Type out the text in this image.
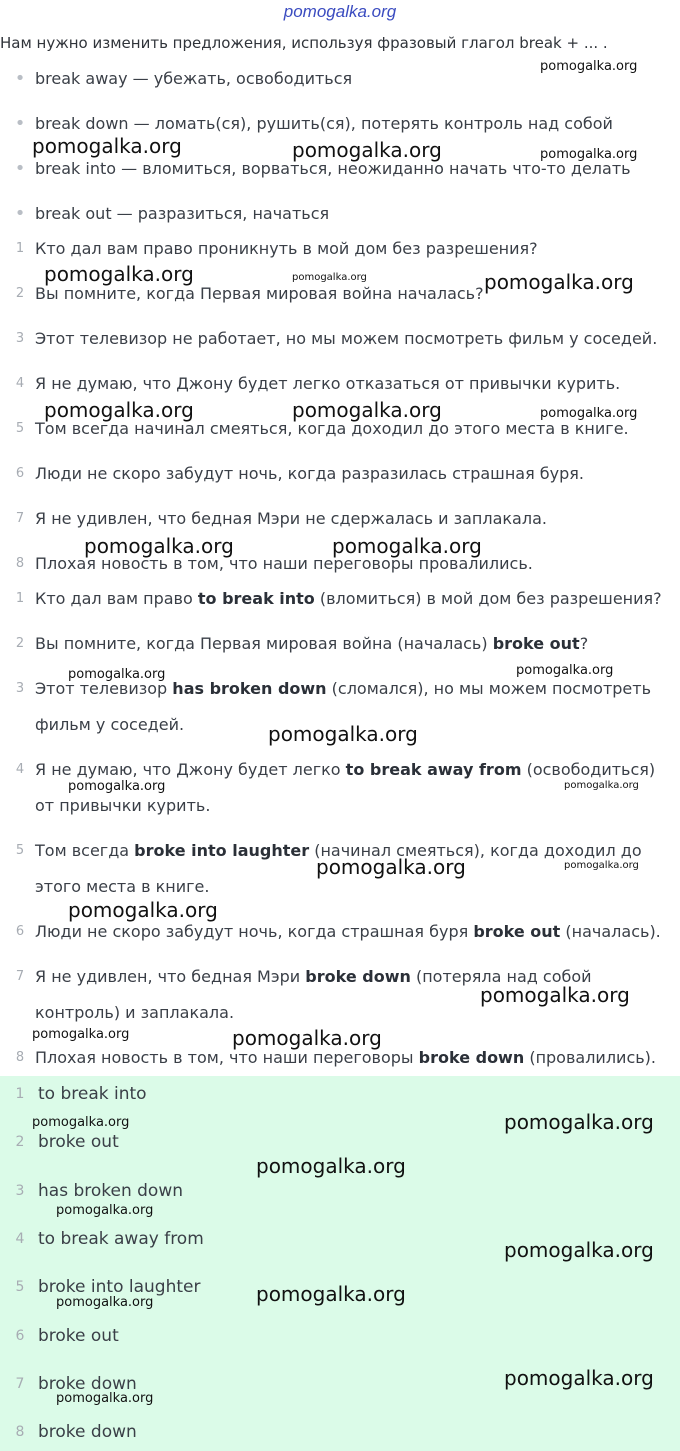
pomogalka.org
Нам нужно изменить предложения, используя фразовый глагол break + ... .
• break away — убежать, освободиться
• break down — ломать(ся), рушить(ся), потерять контроль над собой
• break into — вломиться, ворваться, неожиданно начать что-то делать
• break out — разразиться, начаться
1 Кто дал вам право проникнуть в мой дом без разрешения?
2 Вы помните, когда Первая мировая война началась?
3 Этот телевизор не работает, но мы можем посмотреть фильм у соседей.
4 Я не думаю, что Джону будет легко отказаться от привычки курить.
5 Том всегда начинал смеяться, когда доходил до этого места в книге.
6 Люди не скоро забудут ночь, когда разразилась страшная буря.
7 Я не удивлен, что бедная Мэри не сдержалась и заплакала.
8 Плохая новость в том, что наши переговоры провалились.
1 Кто дал вам право to break into (вломиться) в мой дом без разрешения?
2 Вы помните, когда Первая мировая война (началась) broke out?
3 Этот телевизор has broken down (сломался), но мы можем посмотреть фильм у соседей.
4 Я не думаю, что Джону будет легко to break away from (освободиться) от привычки курить.
5 Том всегда broke into laughter (начинал смеяться), когда доходил до этого места в книге.
6 Люди не скоро забудут ночь, когда страшная буря broke out (началась).
7 Я не удивлен, что бедная Мэри broke down (потеряла над собой контроль) и заплакала.
8 Плохая новость в том, что наши переговоры broke down (провалились).
1 to break into
2 broke out
3 has broken down
4 to break away from
5 broke into laughter
6 broke out
7 broke down
8 broke down
pomogalka.org
pomogalka.org	pomogalka.org	pomogalka.org
pomogalka.org	pomogalka.org	pomogalka.org
pomogalka.org	pomogalka.org	pomogalka.org
pomogalka.org	pomogalka.org
pomogalka.org	pomogalka.org
pomogalka.org
pomogalka.org	pomogalka.org
pomogalka.org	pomogalka.org
pomogalka.org
pomogalka.org
pomogalka.org	pomogalka.org
pomogalka.org	pomogalka.org
pomogalka.org
pomogalka.org
pomogalka.org
pomogalka.org
pomogalka.org
pomogalka.org
pomogalka.org
